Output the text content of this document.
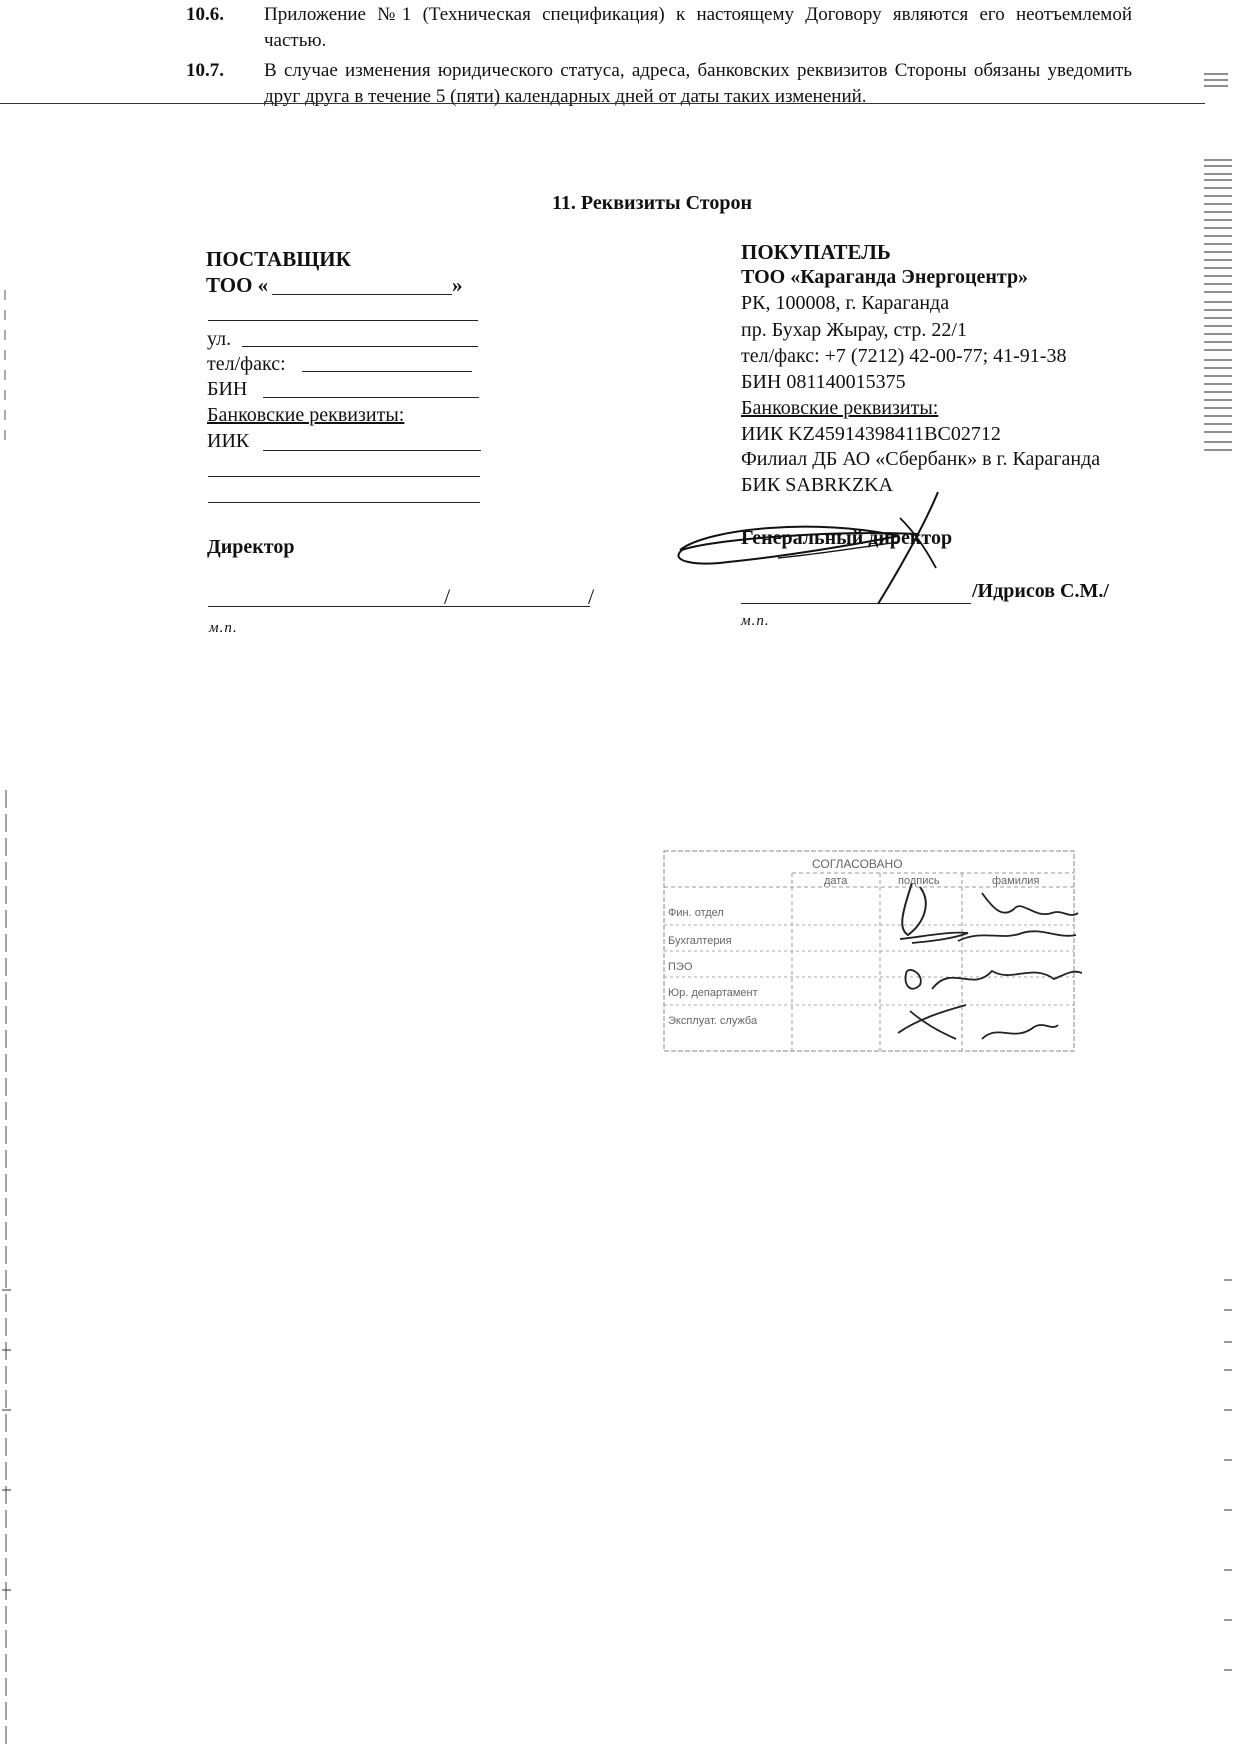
10.6. Приложение №1 (Техническая спецификация) к настоящему Договору являются его неотъемлемой частью.
10.7. В случае изменения юридического статуса, адреса, банковских реквизитов Стороны обязаны уведомить друг друга в течение 5 (пяти) календарных дней от даты таких изменений.
11. Реквизиты Сторон
ПОСТАВЩИК
ТОО «	»
ул.
тел/факс:
БИН
Банковские реквизиты:
ИИК
Директор
/	/
м.п.
ПОКУПАТЕЛЬ
ТОО «Караганда Энергоцентр»
РК, 100008, г. Караганда
пр. Бухар Жырау, стр. 22/1
тел/факс: +7 (7212) 42-00-77; 41-91-38
БИН 081140015375
Банковские реквизиты:
ИИК KZ45914398411BC02712
Филиал ДБ АО «Сбербанк» в г. Караганда
БИК SABRKZKA
Генеральный директор
/Идрисов С.М./
м.п.
СОГЛАСОВАНО
дата	подпись	фамилия
Фин. отдел
Бухгалтерия
ПЭО
Юр. департамент
Эксплуат. служба
